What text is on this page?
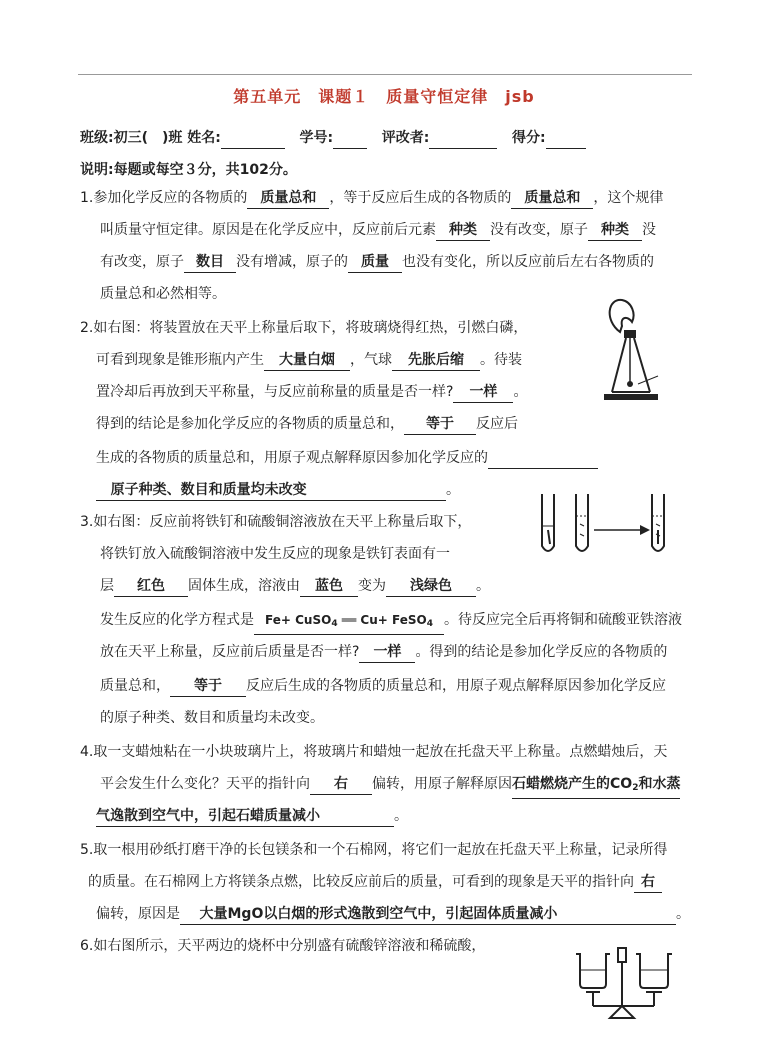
第五单元　课题１　质量守恒定律　jsb
班级:初三(　)班 姓名:	学号:	评改者:	得分:
说明:每题或每空３分，共102分。
1.参加化学反应的各物质的 质量总和 ，等于反应后生成的各物质的 质量总和 ，这个规律
叫质量守恒定律。原因是在化学反应中，反应前后元素 种类 没有改变，原子 种类 没
有改变，原子 数目 没有增减，原子的 质量 也没有变化，所以反应前后左右各物质的
质量总和必然相等。
2.如右图：将装置放在天平上称量后取下，将玻璃烧得红热，引燃白磷，
可看到现象是锥形瓶内产生 大量白烟 ，气球 先胀后缩 。待装
置冷却后再放到天平称量，与反应前称量的质量是否一样? 一样 。
得到的结论是参加化学反应的各物质的质量总和， 等于 反应后
生成的各物质的质量总和，用原子观点解释原因参加化学反应的
原子种类、数目和质量均未改变	。
3.如右图：反应前将铁钉和硫酸铜溶液放在天平上称量后取下，
将铁钉放入硫酸铜溶液中发生反应的现象是铁钉表面有一
层 红色 固体生成，溶液由 蓝色 变为 浅绿色 。
发生反应的化学方程式是 Fe+ CuSO$_4$ ══ Cu+ FeSO$_4$ 。待反应完全后再将铜和硫酸亚铁溶液
放在天平上称量，反应前后质量是否一样? 一样 。得到的结论是参加化学反应的各物质的
质量总和， 等于 反应后生成的各物质的质量总和，用原子观点解释原因参加化学反应
的原子种类、数目和质量均未改变。
4.取一支蜡烛粘在一小块玻璃片上，将玻璃片和蜡烛一起放在托盘天平上称量。点燃蜡烛后，天
平会发生什么变化？天平的指针向 右 偏转，用原子解释原因石蜡燃烧产生的$CO_2$和水蒸
气逸散到空气中，引起石蜡质量减小	。
5.取一根用砂纸打磨干净的长包镁条和一个石棉网，将它们一起放在托盘天平上称量，记录所得
的质量。在石棉网上方将镁条点燃，比较反应前后的质量，可看到的现象是天平的指针向 右
偏转，原因是 大量MgO以白烟的形式逸散到空气中，引起固体质量减小	。
6.如右图所示，天平两边的烧杯中分别盛有硫酸锌溶液和稀硫酸，
